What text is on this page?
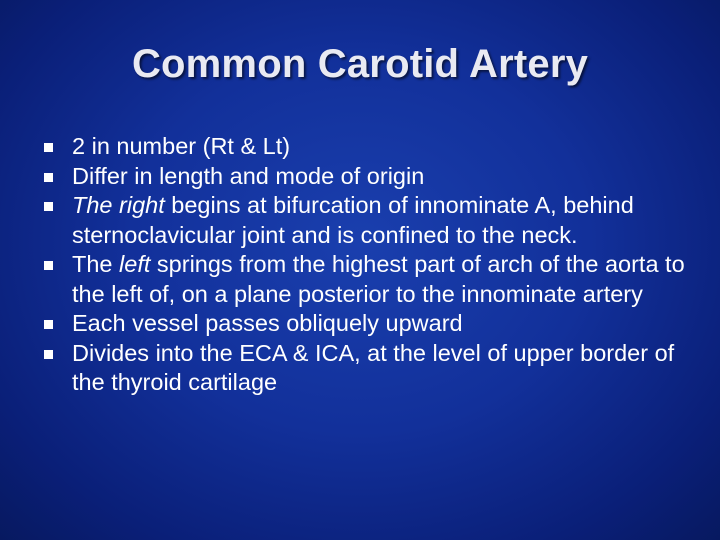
Common Carotid Artery
2 in number (Rt & Lt)
Differ in length and mode of origin
The right begins at bifurcation of innominate A, behind sternoclavicular joint and is confined to the neck.
The left springs from the highest part of arch of the aorta to the left of, on a plane posterior to the innominate artery
Each vessel passes obliquely upward
Divides into the ECA & ICA, at the level of upper border of the thyroid cartilage
